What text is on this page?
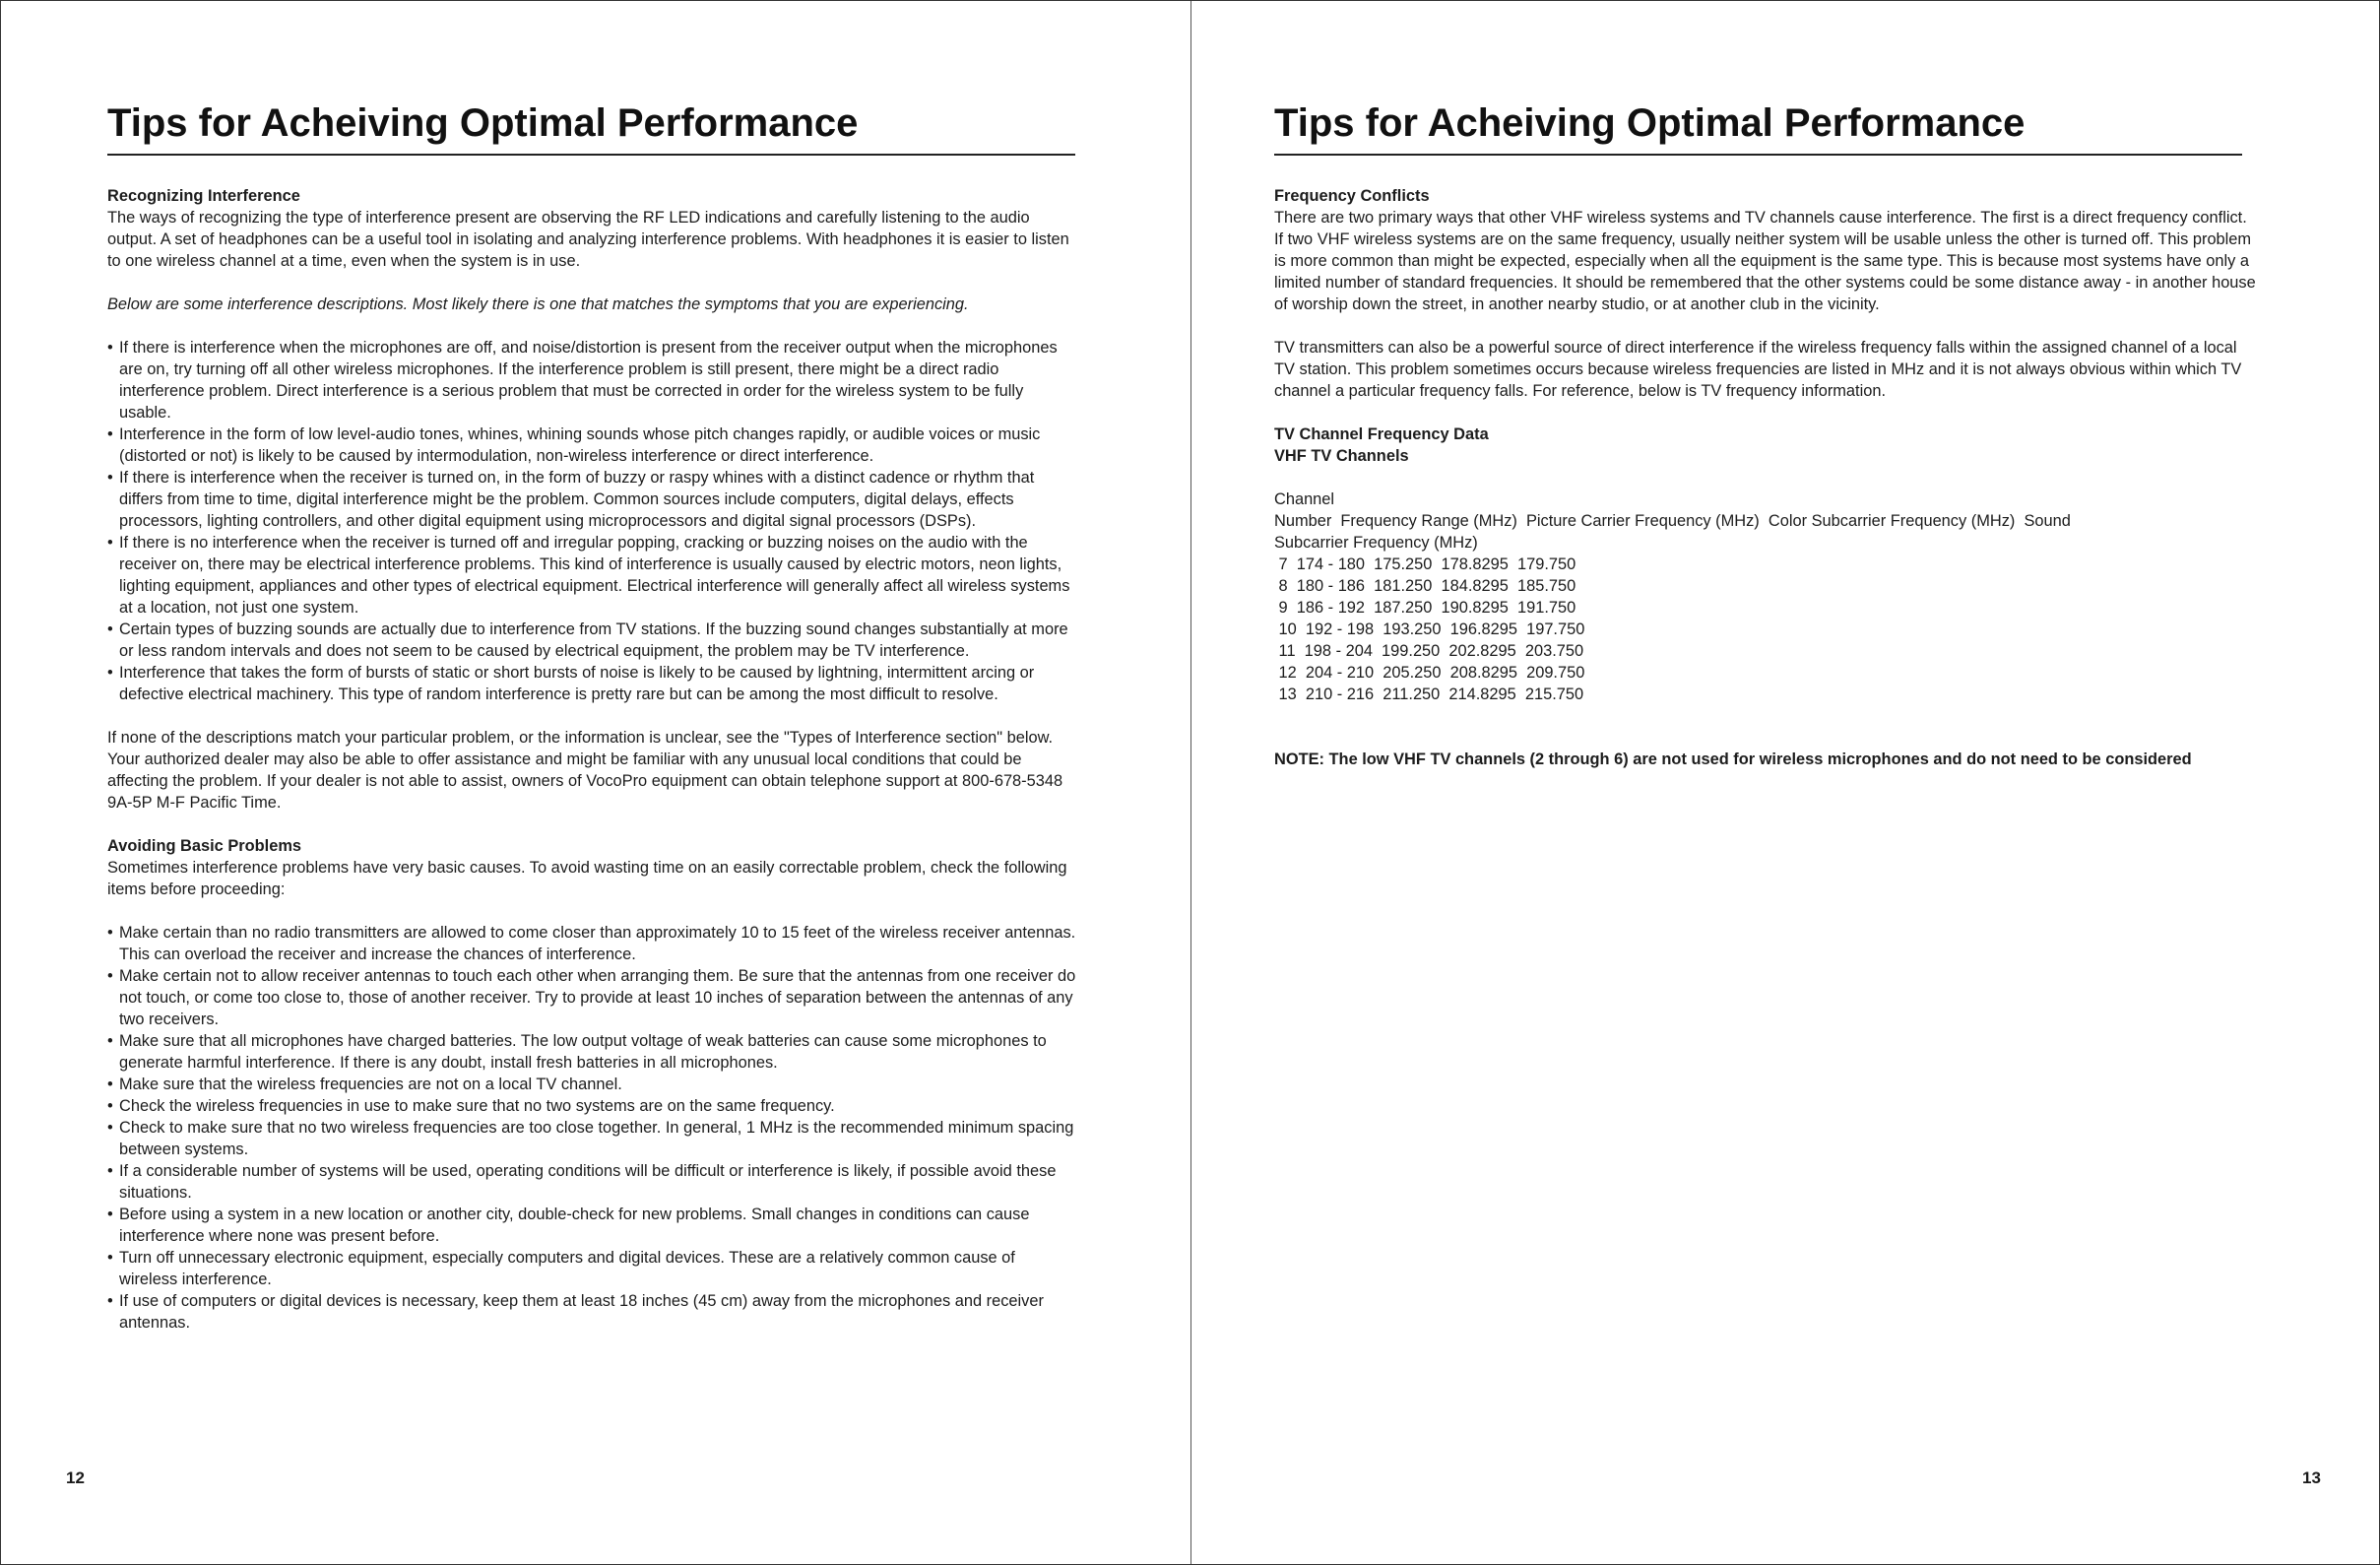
Tips for Acheiving Optimal Performance

Recognizing Interference

The ways of recognizing the type of interference present are observing the RF LED indications and carefully listening to the audio output. A set of headphones can be a useful tool in isolating and analyzing interference problems. With headphones it is easier to listen to one wireless channel at a time, even when the system is in use.

Below are some interference descriptions. Most likely there is one that matches the symptoms that you are experiencing.

• If there is interference when the microphones are off, and noise/distortion is present from the receiver output when the microphones are on, try turning off all other wireless microphones. If the interference problem is still present, there might be a direct radio interference problem. Direct interference is a serious problem that must be corrected in order for the wireless system to be fully usable.
• Interference in the form of low level-audio tones, whines, whining sounds whose pitch changes rapidly, or audible voices or music (distorted or not) is likely to be caused by intermodulation, non-wireless interference or direct interference.
• If there is interference when the receiver is turned on, in the form of buzzy or raspy whines with a distinct cadence or rhythm that differs from time to time, digital interference might be the problem. Common sources include computers, digital delays, effects processors, lighting controllers, and other digital equipment using microprocessors and digital signal processors (DSPs).
• If there is no interference when the receiver is turned off and irregular popping, cracking or buzzing noises on the audio with the receiver on, there may be electrical interference problems. This kind of interference is usually caused by electric motors, neon lights, lighting equipment, appliances and other types of electrical equipment. Electrical interference will generally affect all wireless systems at a location, not just one system.
• Certain types of buzzing sounds are actually due to interference from TV stations. If the buzzing sound changes substantially at more or less random intervals and does not seem to be caused by electrical equipment, the problem may be TV interference.
• Interference that takes the form of bursts of static or short bursts of noise is likely to be caused by lightning, intermittent arcing or defective electrical machinery. This type of random interference is pretty rare but can be among the most difficult to resolve.

If none of the descriptions match your particular problem, or the information is unclear, see the "Types of Interference section" below. Your authorized dealer may also be able to offer assistance and might be familiar with any unusual local conditions that could be affecting the problem. If your dealer is not able to assist, owners of VocoPro equipment can obtain telephone support at 800-678-5348 9A-5P M-F Pacific Time.

Avoiding Basic Problems

Sometimes interference problems have very basic causes. To avoid wasting time on an easily correctable problem, check the following items before proceeding:

• Make certain than no radio transmitters are allowed to come closer than approximately 10 to 15 feet of the wireless receiver antennas. This can overload the receiver and increase the chances of interference.
• Make certain not to allow receiver antennas to touch each other when arranging them. Be sure that the antennas from one receiver do not touch, or come too close to, those of another receiver. Try to provide at least 10 inches of separation between the antennas of any two receivers.
• Make sure that all microphones have charged batteries. The low output voltage of weak batteries can cause some microphones to generate harmful interference. If there is any doubt, install fresh batteries in all microphones.
• Make sure that the wireless frequencies are not on a local TV channel.
• Check the wireless frequencies in use to make sure that no two systems are on the same frequency.
• Check to make sure that no two wireless frequencies are too close together. In general, 1 MHz is the recommended minimum spacing between systems.
• If a considerable number of systems will be used, operating conditions will be difficult or interference is likely, if possible avoid these situations.
• Before using a system in a new location or another city, double-check for new problems. Small changes in conditions can cause interference where none was present before.
• Turn off unnecessary electronic equipment, especially computers and digital devices. These are a relatively common cause of wireless interference.
• If use of computers or digital devices is necessary, keep them at least 18 inches (45 cm) away from the microphones and receiver antennas.
12
Tips for Acheiving Optimal Performance

Frequency Conflicts

There are two primary ways that other VHF wireless systems and TV channels cause interference. The first is a direct frequency conflict. If two VHF wireless systems are on the same frequency, usually neither system will be usable unless the other is turned off. This problem is more common than might be expected, especially when all the equipment is the same type. This is because most systems have only a limited number of standard frequencies. It should be remembered that the other systems could be some distance away - in another house of worship down the street, in another nearby studio, or at another club in the vicinity.

TV transmitters can also be a powerful source of direct interference if the wireless frequency falls within the assigned channel of a local TV station. This problem sometimes occurs because wireless frequencies are listed in MHz and it is not always obvious within which TV channel a particular frequency falls. For reference, below is TV frequency information.

TV Channel Frequency Data

VHF TV Channels

Channel

Number  Frequency Range (MHz)  Picture Carrier Frequency (MHz)  Color Subcarrier Frequency (MHz)  Sound

Subcarrier Frequency (MHz)

7  174 - 180  175.250  178.8295  179.750

8  180 - 186  181.250  184.8295  185.750

9  186 - 192  187.250  190.8295  191.750

10  192 - 198  193.250  196.8295  197.750

11  198 - 204  199.250  202.8295  203.750

12  204 - 210  205.250  208.8295  209.750

13  210 - 216  211.250  214.8295  215.750

NOTE: The low VHF TV channels (2 through 6) are not used for wireless microphones and do not need to be considered

13
